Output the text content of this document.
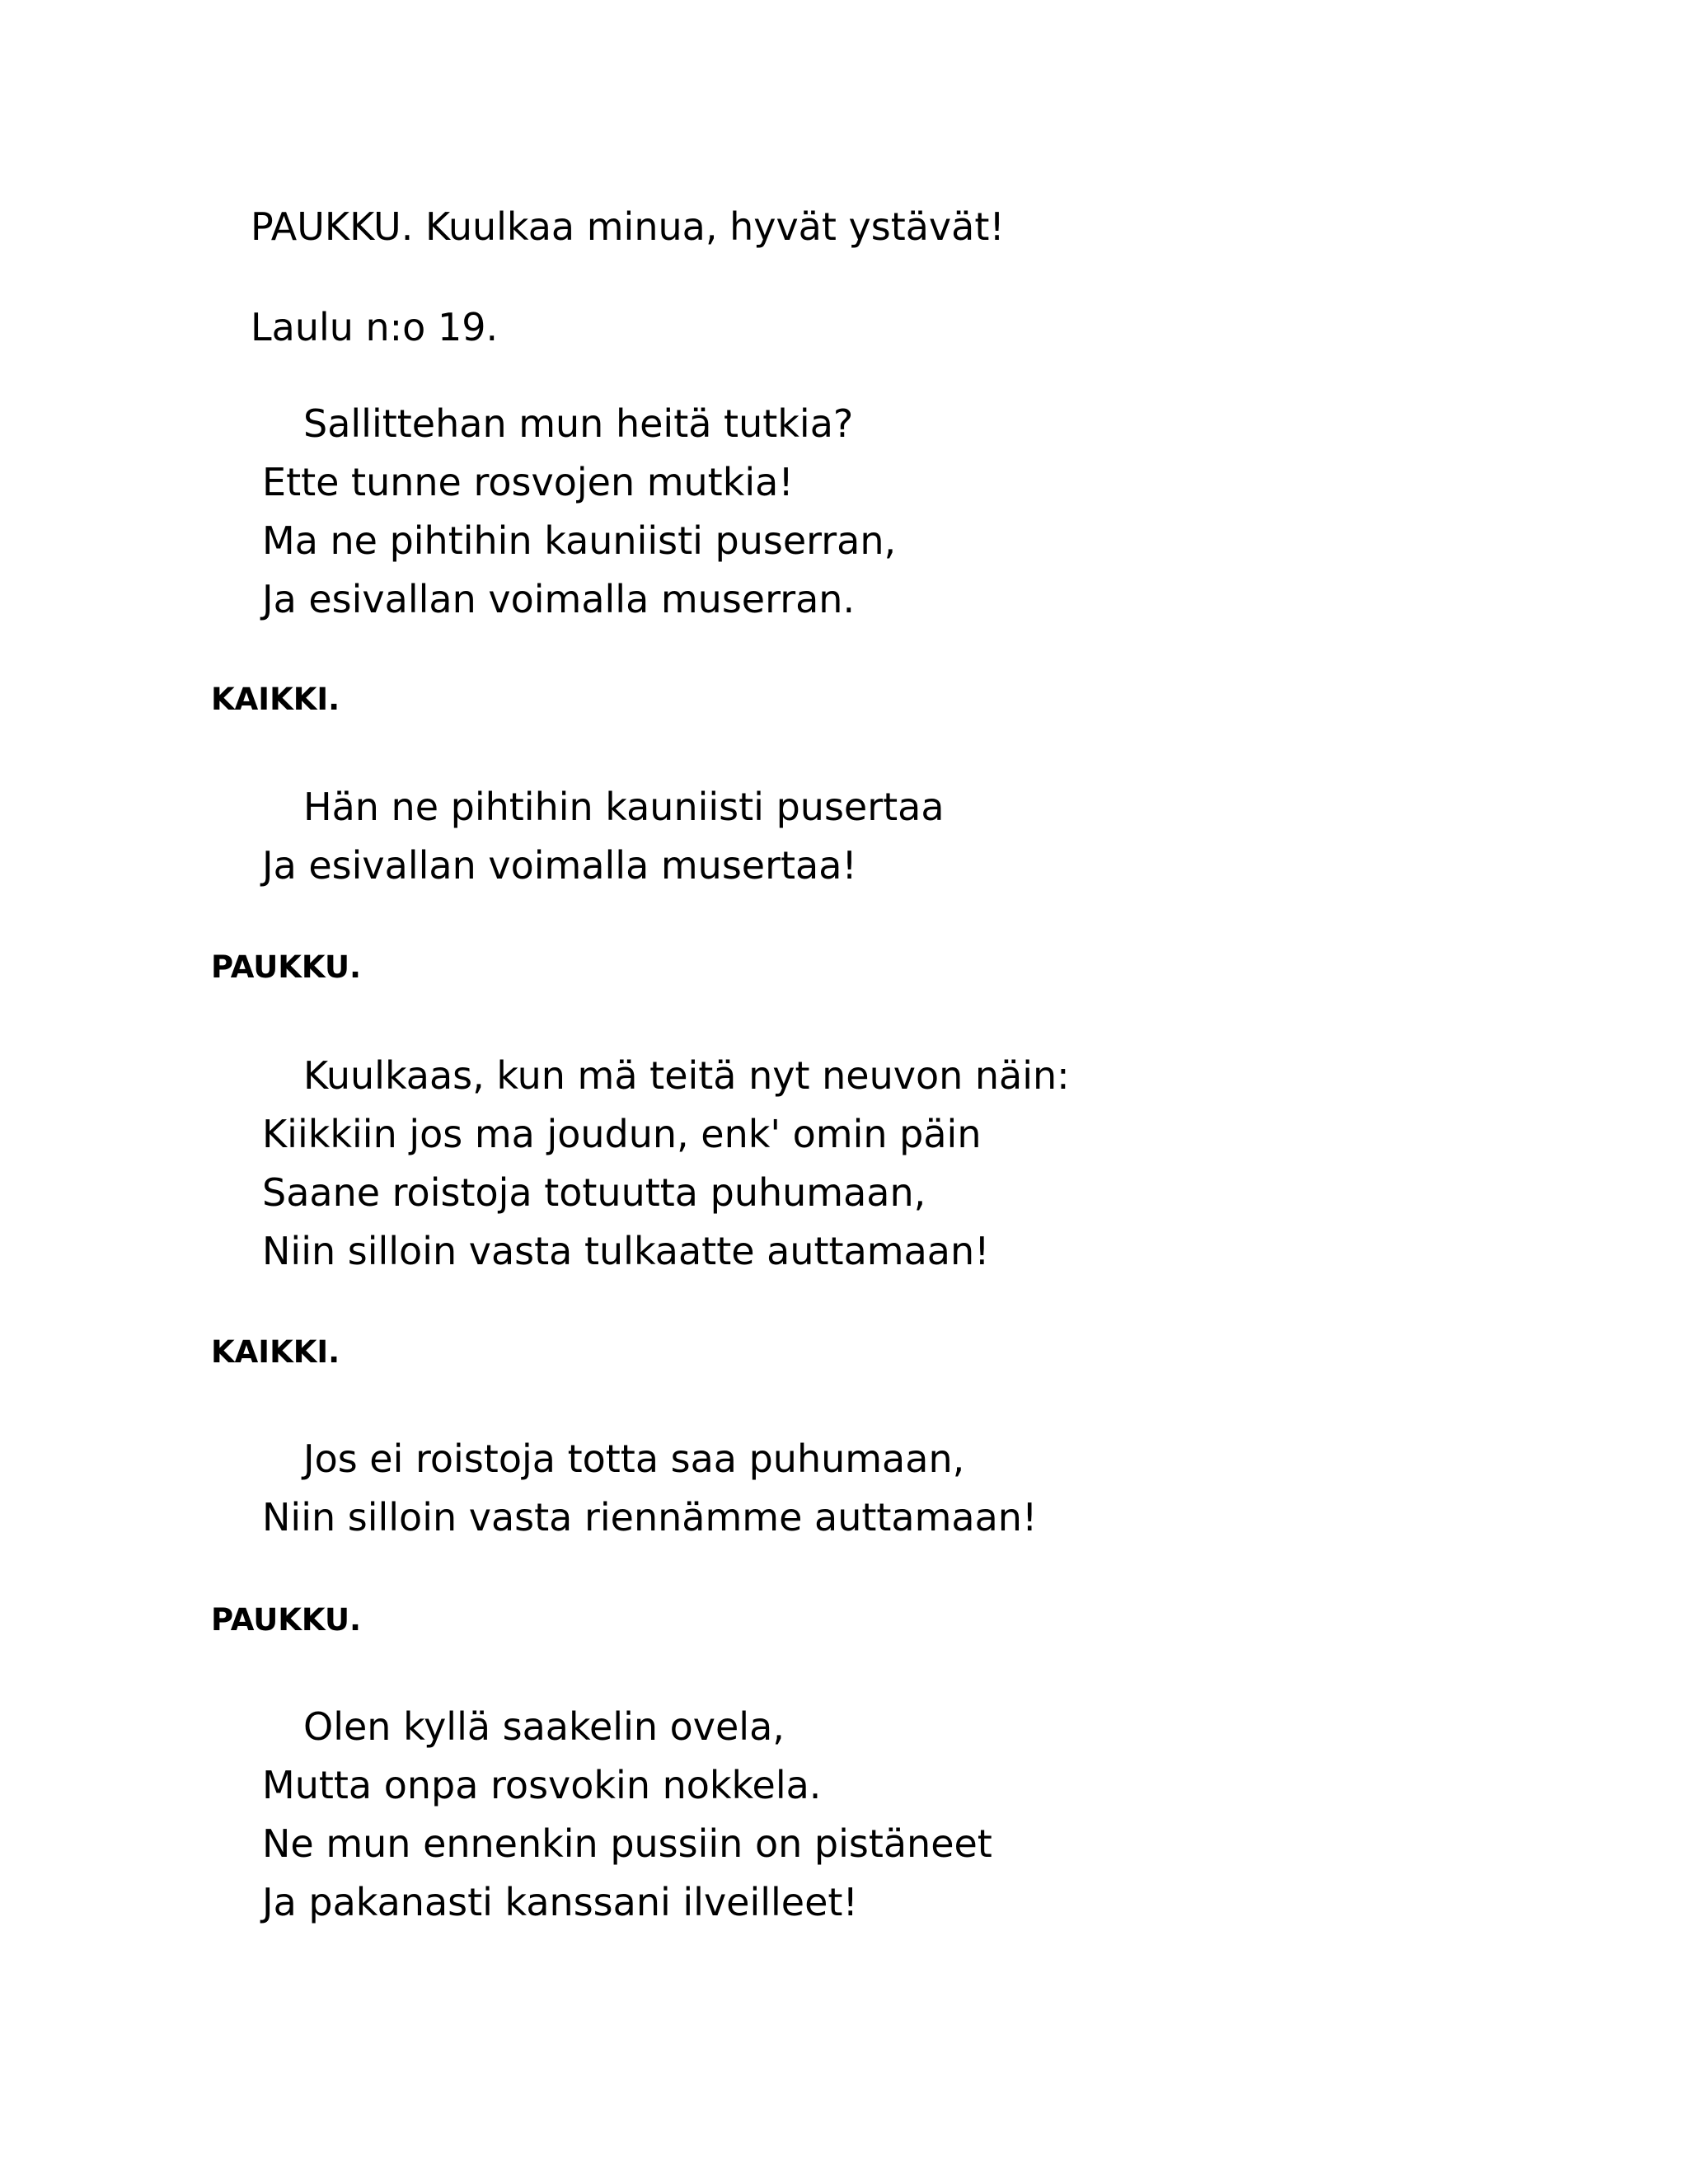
PAUKKU. Kuulkaa minua, hyvät ystävät!
Laulu n:o 19.
Sallittehan mun heitä tutkia?
Ette tunne rosvojen mutkia!
Ma ne pihtihin kauniisti puserran,
Ja esivallan voimalla muserran.
KAIKKI.
Hän ne pihtihin kauniisti pusertaa
Ja esivallan voimalla musertaa!
PAUKKU.
Kuulkaas, kun mä teitä nyt neuvon näin:
Kiikkiin jos ma joudun, enk' omin päin
Saane roistoja totuutta puhumaan,
Niin silloin vasta tulkaatte auttamaan!
KAIKKI.
Jos ei roistoja totta saa puhumaan,
Niin silloin vasta riennämme auttamaan!
PAUKKU.
Olen kyllä saakelin ovela,
Mutta onpa rosvokin nokkela.
Ne mun ennenkin pussiin on pistäneet
Ja pakanasti kanssani ilveilleet!
